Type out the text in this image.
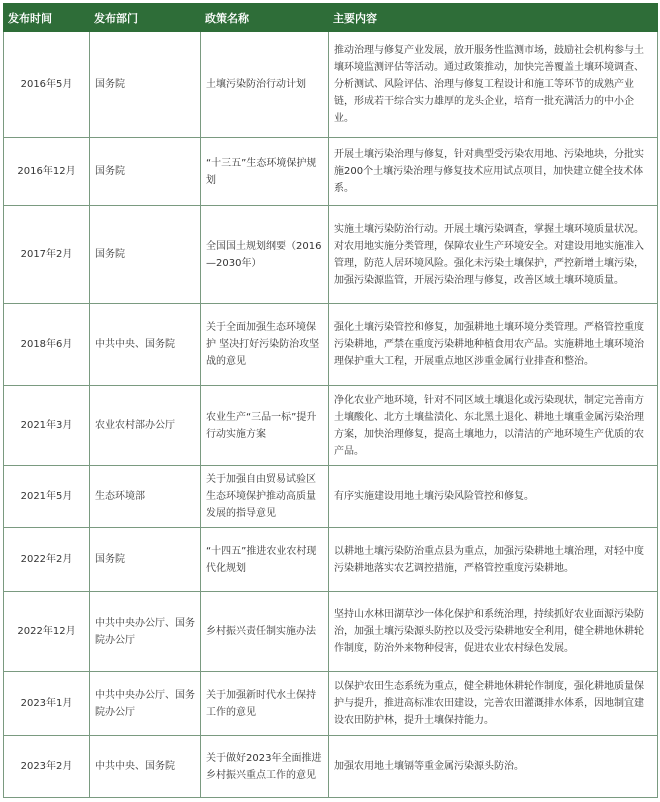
发布时间	发布部门	政策名称	主要内容
2016年5月	国务院	土壤污染防治行动计划	推动治理与修复产业发展，放开服务性监测市场，鼓励社会机构参与土壤环境监测评估等活动。通过政策推动，加快完善覆盖土壤环境调查、分析测试、风险评估、治理与修复工程设计和施工等环节的成熟产业链，形成若干综合实力雄厚的龙头企业，培育一批充满活力的中小企业。
2016年12月	国务院	“十三五”生态环境保护规划	开展土壤污染治理与修复，针对典型受污染农用地、污染地块，分批实施200个土壤污染治理与修复技术应用试点项目，加快建立健全技术体系。
2017年2月	国务院	全国国土规划纲要（2016—2030年）	实施土壤污染防治行动。开展土壤污染调查，掌握土壤环境质量状况。对农用地实施分类管理，保障农业生产环境安全。对建设用地实施准入管理，防范人居环境风险。强化未污染土壤保护，严控新增土壤污染，加强污染源监管，开展污染治理与修复，改善区域土壤环境质量。
2018年6月	中共中央、国务院	关于全面加强生态环境保护 坚决打好污染防治攻坚战的意见	强化土壤污染管控和修复，加强耕地土壤环境分类管理。严格管控重度污染耕地，严禁在重度污染耕地种植食用农产品。实施耕地土壤环境治理保护重大工程，开展重点地区涉重金属行业排查和整治。
2021年3月	农业农村部办公厅	农业生产“三品一标”提升行动实施方案	净化农业产地环境，针对不同区域土壤退化或污染现状，制定完善南方土壤酸化、北方土壤盐渍化、东北黑土退化、耕地土壤重金属污染治理方案，加快治理修复，提高土壤地力，以清洁的产地环境生产优质的农产品。
2021年5月	生态环境部	关于加强自由贸易试验区生态环境保护推动高质量发展的指导意见	有序实施建设用地土壤污染风险管控和修复。
2022年2月	国务院	“十四五”推进农业农村现代化规划	以耕地土壤污染防治重点县为重点，加强污染耕地土壤治理，对轻中度污染耕地落实农艺调控措施，严格管控重度污染耕地。
2022年12月	中共中央办公厅、国务院办公厅	乡村振兴责任制实施办法	坚持山水林田湖草沙一体化保护和系统治理，持续抓好农业面源污染防治，加强土壤污染源头防控以及受污染耕地安全利用，健全耕地休耕轮作制度，防治外来物种侵害，促进农业农村绿色发展。
2023年1月	中共中央办公厅、国务院办公厅	关于加强新时代水土保持工作的意见	以保护农田生态系统为重点，健全耕地休耕轮作制度，强化耕地质量保护与提升，推进高标准农田建设，完善农田灌溉排水体系，因地制宜建设农田防护林，提升土壤保持能力。
2023年2月	中共中央、国务院	关于做好2023年全面推进乡村振兴重点工作的意见	加强农用地土壤镉等重金属污染源头防治。
